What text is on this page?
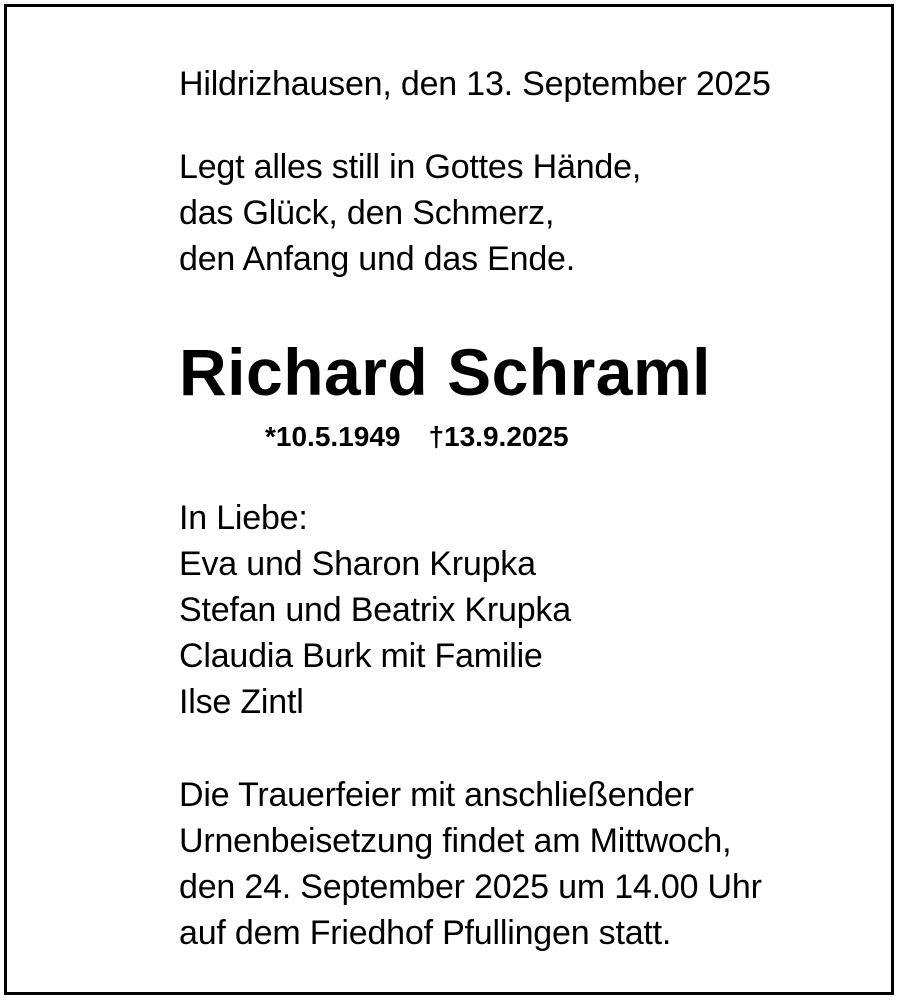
Hildrizhausen, den 13. September 2025
Legt alles still in Gottes Hände,
das Glück, den Schmerz,
den Anfang und das Ende.
Richard Schraml
*10.5.1949 †13.9.2025
In Liebe:
Eva und Sharon Krupka
Stefan und Beatrix Krupka
Claudia Burk mit Familie
Ilse Zintl
Die Trauerfeier mit anschließender
Urnenbeisetzung findet am Mittwoch,
den 24. September 2025 um 14.00 Uhr
auf dem Friedhof Pfullingen statt.
